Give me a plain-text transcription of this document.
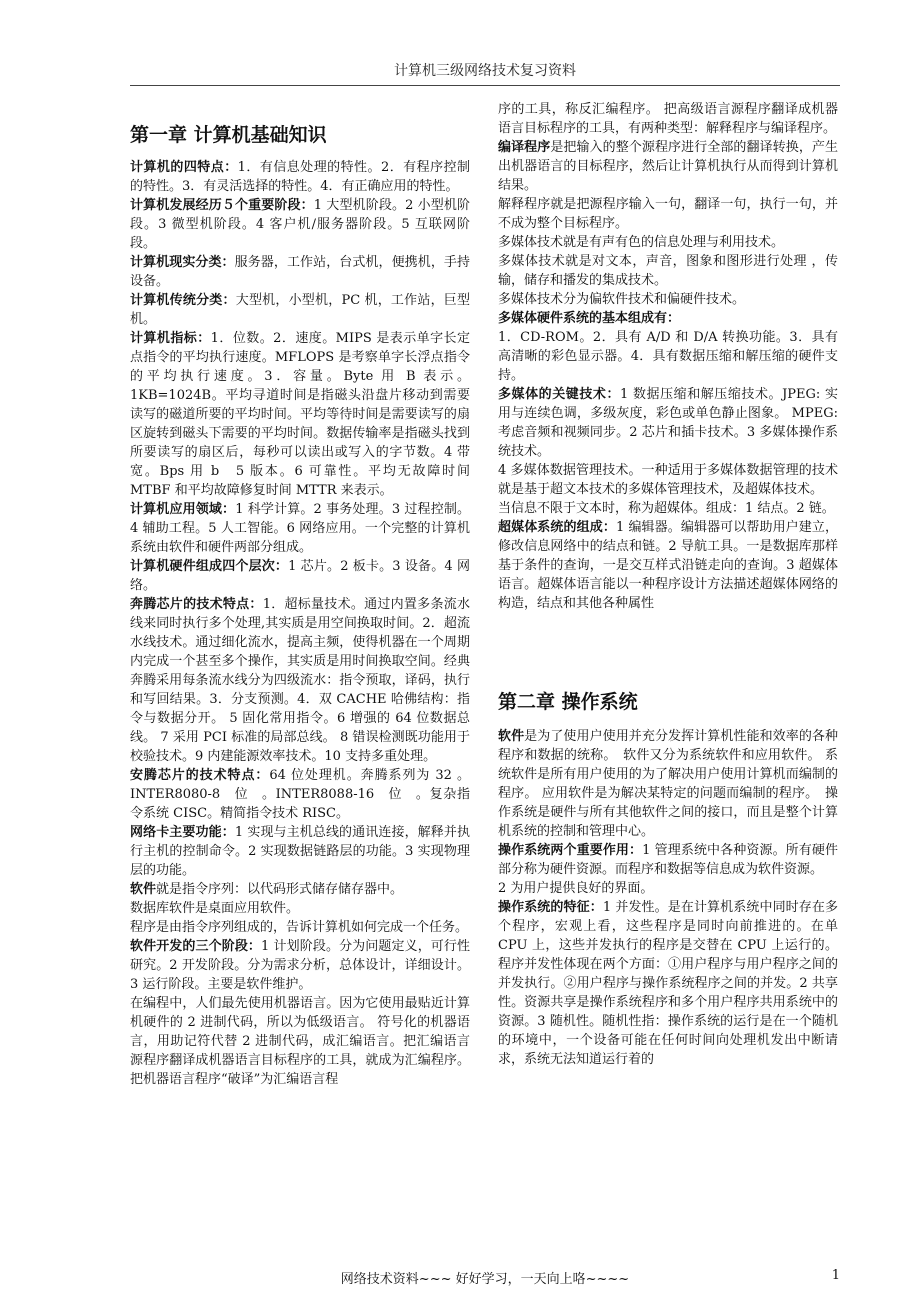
计算机三级网络技术复习资料
第一章 计算机基础知识

计算机的四特点：1．有信息处理的特性。2．有程序控制的特性。3．有灵活选择的特性。4．有正确应用的特性。

计算机发展经历５个重要阶段：1 大型机阶段。2 小型机阶段。3 微型机阶段。4 客户机/服务器阶段。5 互联网阶段。

计算机现实分类：服务器，工作站，台式机，便携机，手持设备。

计算机传统分类：大型机，小型机，PC 机，工作站，巨型机。

计算机指标：1．位数。2．速度。MIPS 是表示单字长定点指令的平均执行速度。MFLOPS 是考察单字长浮点指令的平均执行速度。3．容量。Byte 用 B 表示。1KB=1024B。平均寻道时间是指磁头沿盘片移动到需要读写的磁道所要的平均时间。平均等待时间是需要读写的扇区旋转到磁头下需要的平均时间。数据传输率是指磁头找到所要读写的扇区后，每秒可以读出或写入的字节数。4 带宽。Bps 用 b　5 版本。6 可靠性。平均无故障时间 MTBF 和平均故障修复时间 MTTR 来表示。

计算机应用领域：1 科学计算。2 事务处理。3 过程控制。4 辅助工程。5 人工智能。6 网络应用。一个完整的计算机系统由软件和硬件两部分组成。

计算机硬件组成四个层次：1 芯片。2 板卡。3 设备。4 网络。

奔腾芯片的技术特点：1．超标量技术。通过内置多条流水线来同时执行多个处理,其实质是用空间换取时间。2．超流水线技术。通过细化流水，提高主频，使得机器在一个周期内完成一个甚至多个操作，其实质是用时间换取空间。经典奔腾采用每条流水线分为四级流水：指令预取，译码，执行和写回结果。3．分支预测。4．双 CACHE 哈佛结构：指令与数据分开。 5 固化常用指令。6 增强的 64 位数据总线。 7 采用 PCI 标准的局部总线。 8 错误检测既功能用于校验技术。9 内建能源效率技术。10 支持多重处理。

安腾芯片的技术特点：64 位处理机。奔腾系列为 32 。INTER8080-8　位　。INTER8088-16　位　。复杂指令系统 CISC。精简指令技术 RISC。

网络卡主要功能：1 实现与主机总线的通讯连接，解释并执行主机的控制命令。2 实现数据链路层的功能。3 实现物理层的功能。

软件就是指令序列：以代码形式储存储存器中。

数据库软件是桌面应用软件。

程序是由指令序列组成的，告诉计算机如何完成一个任务。

软件开发的三个阶段：1 计划阶段。分为问题定义，可行性研究。2 开发阶段。分为需求分析，总体设计，详细设计。3 运行阶段。主要是软件维护。

在编程中，人们最先使用机器语言。因为它使用最贴近计算机硬件的 2 进制代码，所以为低级语言。 符号化的机器语言，用助记符代替 2 进制代码，成汇编语言。把汇编语言源程序翻译成机器语言目标程序的工具，就成为汇编程序。 把机器语言程序“破译”为汇编语言程

序的工具，称反汇编程序。 把高级语言源程序翻译成机器语言目标程序的工具，有两种类型：解释程序与编译程序。

编译程序是把输入的整个源程序进行全部的翻译转换，产生出机器语言的目标程序，然后让计算机执行从而得到计算机结果。

解释程序就是把源程序输入一句，翻译一句，执行一句，并不成为整个目标程序。

多媒体技术就是有声有色的信息处理与利用技术。

多媒体技术就是对文本，声音，图象和图形进行处理 ，传输，储存和播发的集成技术。

多媒体技术分为偏软件技术和偏硬件技术。

多媒体硬件系统的基本组成有：

1．CD-ROM。2．具有 A/D 和 D/A 转换功能。3．具有高清晰的彩色显示器。4．具有数据压缩和解压缩的硬件支持。

多媒体的关键技术：1 数据压缩和解压缩技术。JPEG: 实用与连续色调，多级灰度，彩色或单色静止图象。 MPEG: 考虑音频和视频同步。2 芯片和插卡技术。3 多媒体操作系统技术。

4 多媒体数据管理技术。一种适用于多媒体数据管理的技术就是基于超文本技术的多媒体管理技术，及超媒体技术。

当信息不限于文本时，称为超媒体。组成：1 结点。2 链。

超媒体系统的组成：1 编辑器。编辑器可以帮助用户建立，修改信息网络中的结点和链。2 导航工具。一是数据库那样基于条件的查询，一是交互样式沿链走向的查询。3 超媒体语言。超媒体语言能以一种程序设计方法描述超媒体网络的构造，结点和其他各种属性

第二章 操作系统

软件是为了使用户使用并充分发挥计算机性能和效率的各种程序和数据的统称。　软件又分为系统软件和应用软件。 系统软件是所有用户使用的为了解决用户使用计算机而编制的程序。 应用软件是为解决某特定的问题而编制的程序。　操作系统是硬件与所有其他软件之间的接口，而且是整个计算机系统的控制和管理中心。

操作系统两个重要作用：1 管理系统中各种资源。所有硬件部分称为硬件资源。而程序和数据等信息成为软件资源。

2 为用户提供良好的界面。

操作系统的特征：1 并发性。是在计算机系统中同时存在多个程序，宏观上看，这些程序是同时向前推进的。在单 CPU 上，这些并发执行的程序是交替在 CPU 上运行的。 程序并发性体现在两个方面：①用户程序与用户程序之间的并发执行。②用户程序与操作系统程序之间的并发。2 共享性。资源共享是操作系统程序和多个用户程序共用系统中的资源。3 随机性。随机性指：操作系统的运行是在一个随机的环境中，一个设备可能在任何时间向处理机发出中断请求，系统无法知道运行着的

网络技术资料~~~ 好好学习，一天向上咯~~~~	1
